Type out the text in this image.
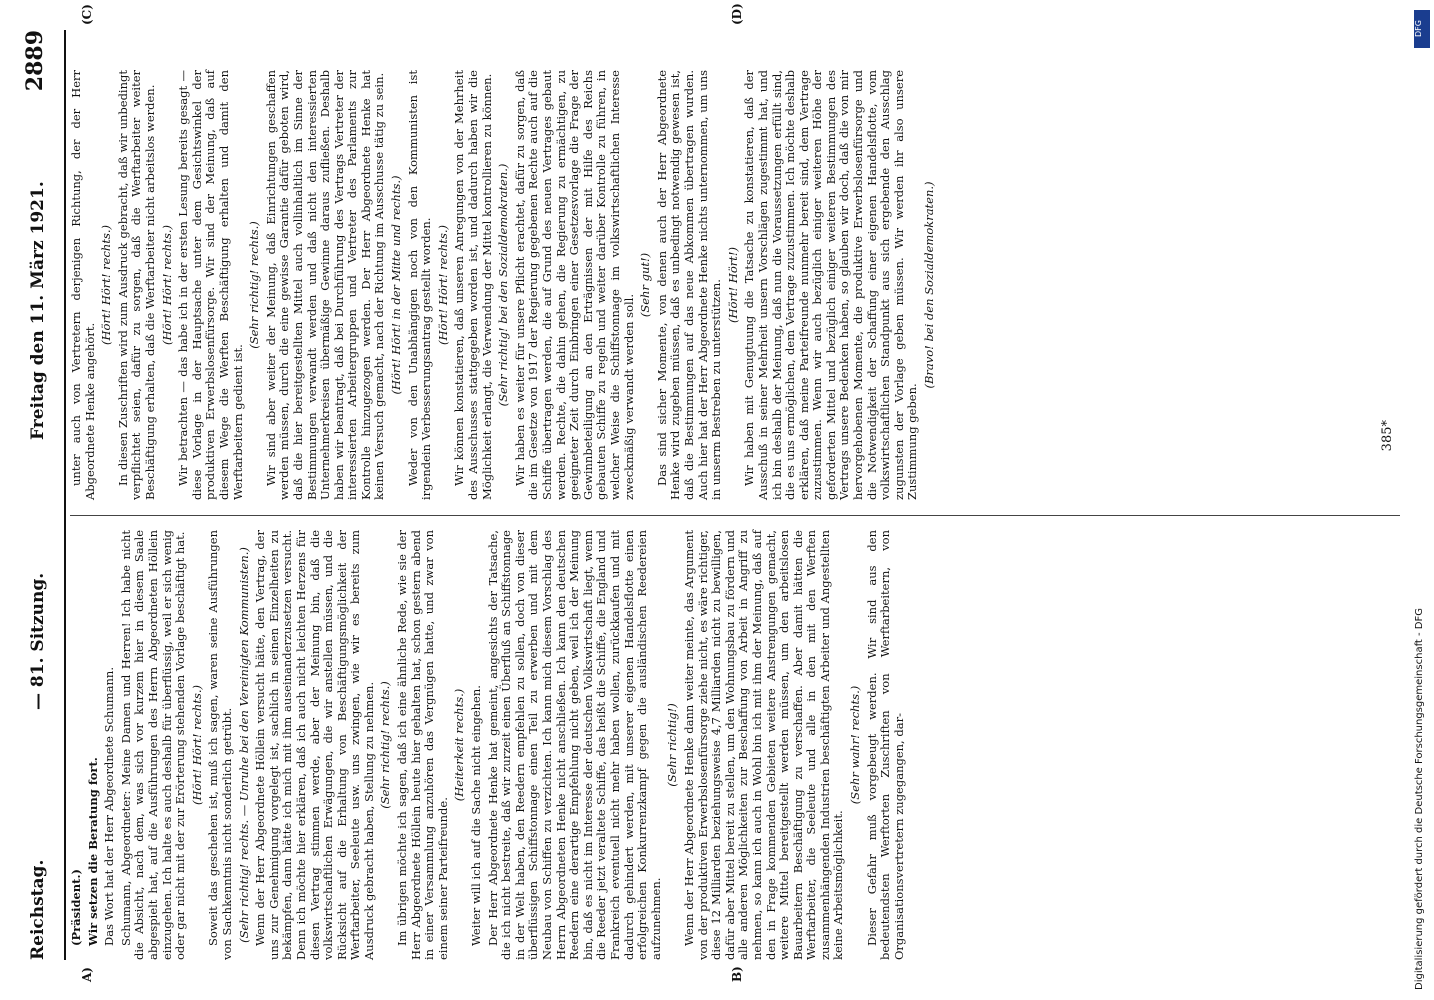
Reichstag.
— 81. Sitzung.
Freitag den 11. März 1921.
2889
A)	B)
(C)	(D)

(Präsident.) Wir setzen die Beratung fort. Das Wort hat der Herr Abgeordnete Schumann. Schumann, Abgeordneter: Meine Damen und Herren! Ich habe nicht die Absicht, nach dem, was sich vor kurzem hier in diesem Saale abgespielt hat, auf die Ausführungen des Herrn Abgeordneten Höllein einzugehen. Ich halte es auch deshalb für überflüssig, weil er sich wenig oder gar nicht mit der zur Erörterung stehenden Vorlage beschäftigt hat. (Hört! Hört! rechts.) Soweit das geschehen ist, muß ich sagen, waren seine Ausführungen von Sachkenntnis nicht sonderlich getrübt. (Sehr richtig! rechts. — Unruhe bei den Vereinigten Kommunisten.) Wenn der Herr Abgeordnete Höllein versucht hätte, den Vertrag, der uns zur Genehmigung vorgelegt ist, sachlich in seinen Einzelheiten zu bekämpfen, dann hätte ich mich mit ihm auseinanderzusetzen versucht. Denn ich möchte hier erklären, daß ich auch nicht leichten Herzens für diesen Vertrag stimmen werde, aber der Meinung bin, daß die volkswirtschaftlichen Erwägungen, die wir anstellen müssen, und die Rücksicht auf die Erhaltung von Beschäftigungsmöglichkeit der Werftarbeiter, Seeleute usw. uns zwingen, wie wir es bereits zum Ausdruck gebracht haben, Stellung zu nehmen. (Sehr richtig! rechts.) Im übrigen möchte ich sagen, daß ich eine ähnliche Rede, wie sie der Herr Abgeordnete Höllein heute hier gehalten hat, schon gestern abend in einer Versammlung anzuhören das Vergnügen hatte, und zwar von einem seiner Parteifreunde.

(Heiterkeit rechts.) Weiter will ich auf die Sache nicht eingehen. Der Herr Abgeordnete Henke hat gemeint, angesichts der Tatsache, die ich nicht bestreite, daß wir zurzeit einen Überfluß an Schiffstonnage in der Welt haben, den Reedern empfehlen zu sollen, doch von dieser überflüssigen Schiffstonnage einen Teil zu erwerben und mit dem Neubau von Schiffen zu verzichten. Ich kann mich diesem Vorschlag des Herrn Abgeordneten Henke nicht anschließen. Ich kann den deutschen Reedern eine derartige Empfehlung nicht geben, weil ich der Meinung bin, daß es nicht im Interesse der deutschen Volkswirtschaft liegt, wenn die Reeder jetzt veraltete Schiffe, das heißt die Schiffe, die England und Frankreich eventuell nicht mehr haben wollen, zurückkaufen und mit dadurch gehindert werden, mit unserer eigenen Handelsflotte einen erfolgreichen Konkurrenzkampf gegen die ausländischen Reedereien aufzunehmen.

(Sehr richtig!) Wenn der Herr Abgeordnete Henke dann weiter meinte, das Argument von der produktiven Erwerbslosenfürsorge ziehe nicht, es wäre richtiger, diese 12 Milliarden beziehungsweise 4,7 Milliarden nicht zu bewilligen, dafür aber Mittel bereit zu stellen, um den Wohnungsbau zu fördern und alle anderen Möglichkeiten zur Beschaffung von Arbeit in Angriff zu nehmen, so kann ich auch in Wohl bin ich mit ihm der Meinung, daß auf den in Frage kommenden Gebieten weitere Anstrengungen gemacht, weitere Mittel bereitgestellt werden müssen, um den arbeitslosen Bauarbeitern Beschäftigung zu verschaffen. Aber damit hätten die Werftarbeiter, die Seeleute und alle in den mit den Werften zusammenhängenden Industrien beschäftigten Arbeiter und Angestellten keine Arbeitsmöglichkeit.

(Sehr wahr! rechts.) Dieser Gefahr muß vorgebeugt werden. Wir sind aus den bedeutendsten Werftorten Zuschriften von Werftarbeitern, von Organisationsvertretern zugegangen, dar-

unter auch von Vertretern derjenigen Richtung, der der Herr Abgeordnete Henke angehört.

(Hört! Hört! rechts.) In diesen Zuschriften wird zum Ausdruck gebracht, daß wir unbedingt verpflichtet seien, dafür zu sorgen, daß die Werftarbeiter weiter Beschäftigung erhalten, daß die Werftarbeiter nicht arbeitslos werden. (Hört! Hört! rechts.) Wir betrachten — das habe ich in der ersten Lesung bereits gesagt — diese Vorlage in der Hauptsache unter dem Gesichtswinkel der produktiven Erwerbslosenfürsorge. Wir sind der Meinung, daß auf diesem Wege die Werften Beschäftigung erhalten und damit den Werftarbeitern gedient ist.

(Sehr richtig! rechts.) Wir sind aber weiter der Meinung, daß Einrichtungen geschaffen werden müssen, durch die eine gewisse Garantie dafür geboten wird, daß die hier bereitgestellten Mittel auch vollinhaltlich im Sinne der Bestimmungen verwandt werden und daß nicht den interessierten Unternehmerkreisen übermäßige Gewinne daraus zufließen. Deshalb haben wir beantragt, daß bei Durchführung des Vertrags Vertreter der interessierten Arbeitergruppen und Vertreter des Parlaments zur Kontrolle hinzugezogen werden. Der Herr Abgeordnete Henke hat keinen Versuch gemacht, nach der Richtung im Ausschusse tätig zu sein. (Hört! Hört! in der Mitte und rechts.) Weder von den Unabhängigen noch von den Kommunisten ist irgendein Verbesserungsantrag gestellt worden. (Hört! Hört! rechts.) Wir können konstatieren, daß unseren Anregungen von der Mehrheit des Ausschusses stattgegeben worden ist, und dadurch haben wir die Möglichkeit erlangt, die Verwendung der Mittel kontrollieren zu können. (Sehr richtig! bei den Sozialdemokraten.) Wir haben es weiter für unsere Pflicht erachtet, dafür zu sorgen, daß die im Gesetze von 1917 der Regierung gegebenen Rechte auch auf die Schiffe übertragen werden, die auf Grund des neuen Vertrages gebaut werden. Rechte, die dahin gehen, die Regierung zu ermächtigen, zu geeigneter Zeit durch Einbringen einer Gesetzesvorlage die Frage der Gewinnbeteiligung an den Erträgnissen der mit Hilfe des Reichs gebauten Schiffe zu regeln und weiter darüber Kontrolle zu führen, in welcher Weise die Schiffstonnage im volkswirtschaftlichen Interesse zweckmäßig verwandt werden soll.

(Sehr gut!) Das sind sicher Momente, von denen auch der Herr Abgeordnete Henke wird zugeben müssen, daß es unbedingt notwendig gewesen ist, daß die Bestimmungen auf das neue Abkommen übertragen wurden. Auch hier hat der Herr Abgeordnete Henke nichts unternommen, um uns in unserm Bestreben zu unterstützen. (Hört! Hört!) Wir haben mit Genugtuung die Tatsache zu konstatieren, daß der Ausschuß in seiner Mehrheit unsern Vorschlägen zugestimmt hat, und ich bin deshalb der Meinung, daß nun die Voraussetzungen erfüllt sind, die es uns ermöglichen, dem Vertrage zuzustimmen. Ich möchte deshalb erklären, daß meine Parteifreunde nunmehr bereit sind, dem Vertrage zuzustimmen. Wenn wir auch bezüglich einiger weiteren Höhe der geforderten Mittel und bezüglich einiger weiteren Bestimmungen des Vertrags unsere Bedenken haben, so glauben wir doch, daß die von mir hervorgehobenen Momente, die produktive Erwerbslosenfürsorge und die Notwendigkeit der Schaffung einer eigenen Handelsflotte, vom volkswirtschaftlichen Standpunkt aus sich ergebende den Ausschlag zugunsten der Vorlage geben müssen. Wir werden ihr also unsere Zustimmung geben.

(Bravo! bei den Sozialdemokraten.)

385*
DFG
Digitalisierung gefördert durch die Deutsche Forschungsgemeinschaft - DFG
